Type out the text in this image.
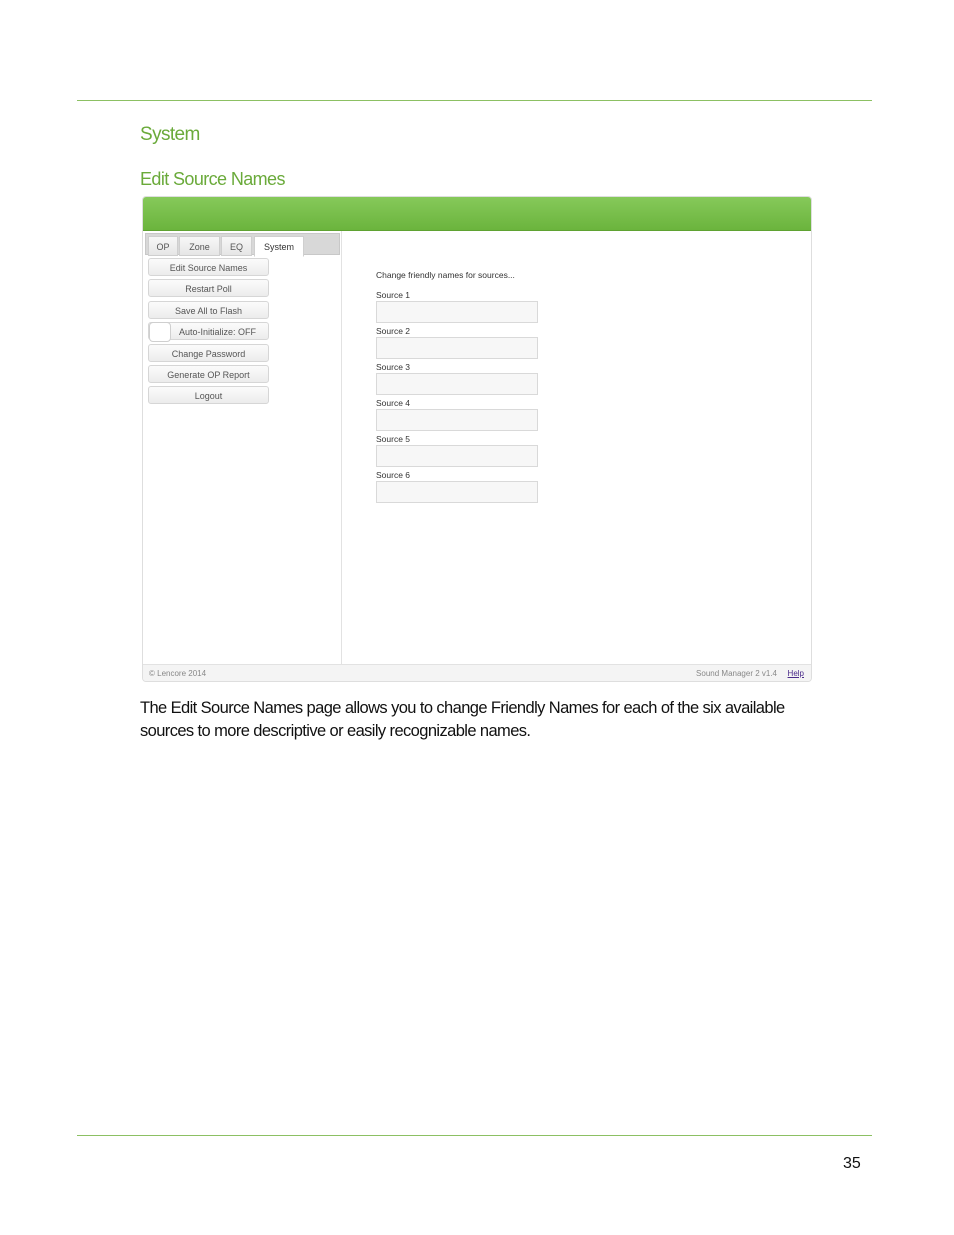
System
Edit Source Names
OP	Zone	EQ	System
Edit Source Names
Restart Poll
Save All to Flash
Auto-Initialize: OFF
Change Password
Generate OP Report
Logout
Change friendly names for sources...
Source 1
Source 2
Source 3
Source 4
Source 5
Source 6
© Lencore 2014	Sound Manager 2 v1.4 Help
The Edit Source Names page allows you to change Friendly Names for each of the six available sources to more descriptive or easily recognizable names.
35
